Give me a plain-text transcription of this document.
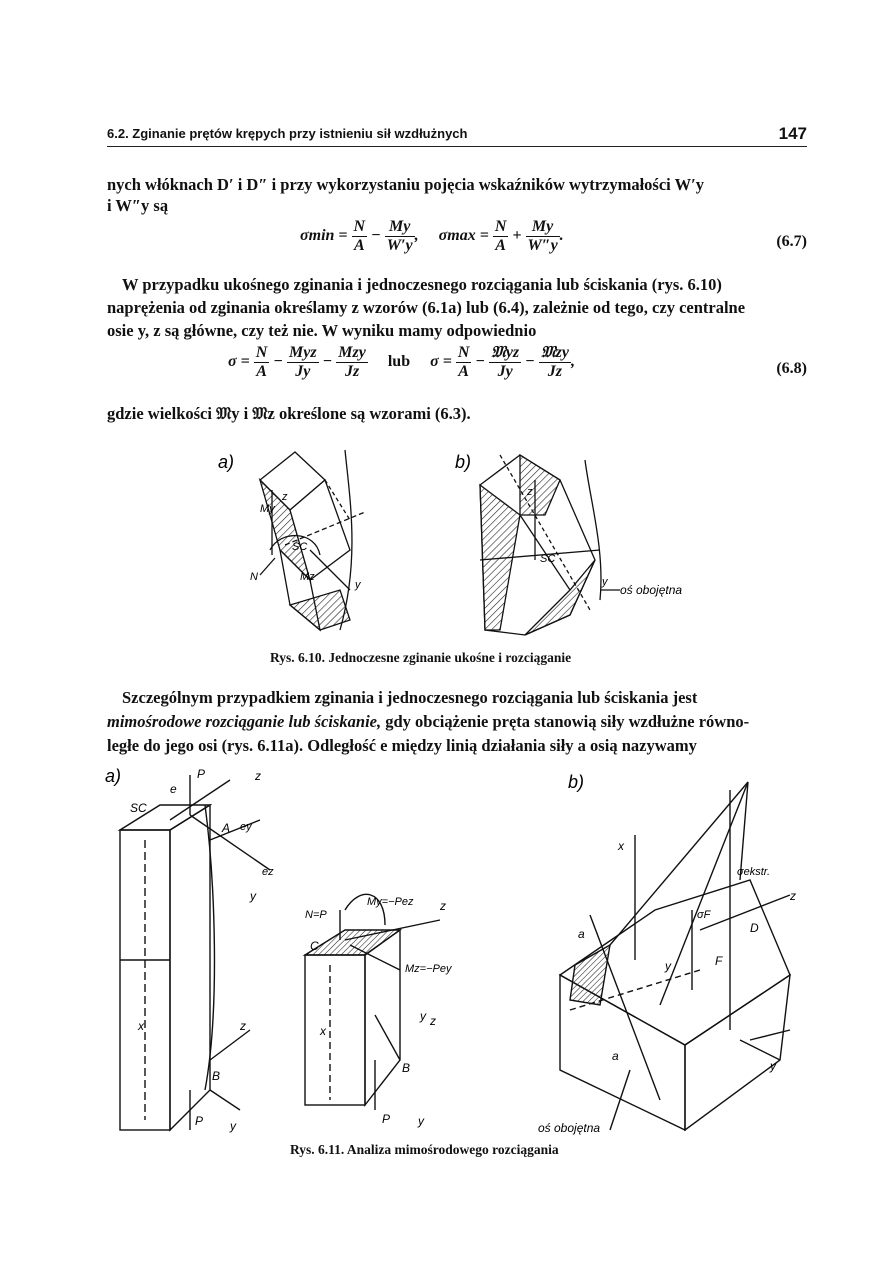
6.2. Zginanie prętów krępych przy istnieniu sił wzdłużnych	147
nych włóknach D′ i D″ i przy wykorzystaniu pojęcia wskaźników wytrzymałości W′y
i W″y są
$\sigma\min = \frac{N}{A} - \frac{My}{W'y}$ , $\sigma\max = \frac{N}{A} + \frac{My}{W''y}$ .	(6.7)
W przypadku ukośnego zginania i jednoczesnego rozciągania lub ściskania (rys. 6.10)
naprężenia od zginania określamy z wzorów (6.1a) lub (6.4), zależnie od tego, czy centralne
osie y, z są główne, czy też nie. W wyniku mamy odpowiednio
$\sigma = \frac{N}{A} - \frac{\text{Myz}}{Jy} - \frac{\text{Mzy}}{Jz}$ lub $\sigma = \frac{N}{A} - \frac{\text{𝔐yz}}{Jy} - \frac{\text{𝔐zy}}{Jz}$ ,	(6.8)
gdzie wielkości 𝔐y i 𝔐z określone są wzorami (6.3).
a)
z
My
SC
N	Mz
y
b)
z
SC
y
oś obojętna
Rys. 6.10. Jednoczesne zginanie ukośne i rozciąganie
Szczególnym przypadkiem zginania i jednoczesnego rozciągania lub ściskania jest
mimośrodowe rozciąganie lub ściskanie, gdy obciążenie pręta stanowią siły wzdłużne równo-
ległe do jego osi (rys. 6.11a). Odległość e między linią działania siły a osią nazywamy
a)	P	z
e
SC
A ey
ez
y
z
B
x
P y
My=−Pez
N=P
z
C
Mz=−Pey
y z
x
B
P y
b)
x
σekstr.
z
σF
D
a
y	F
a
y
oś obojętna
Rys. 6.11. Analiza mimośrodowego rozciągania
